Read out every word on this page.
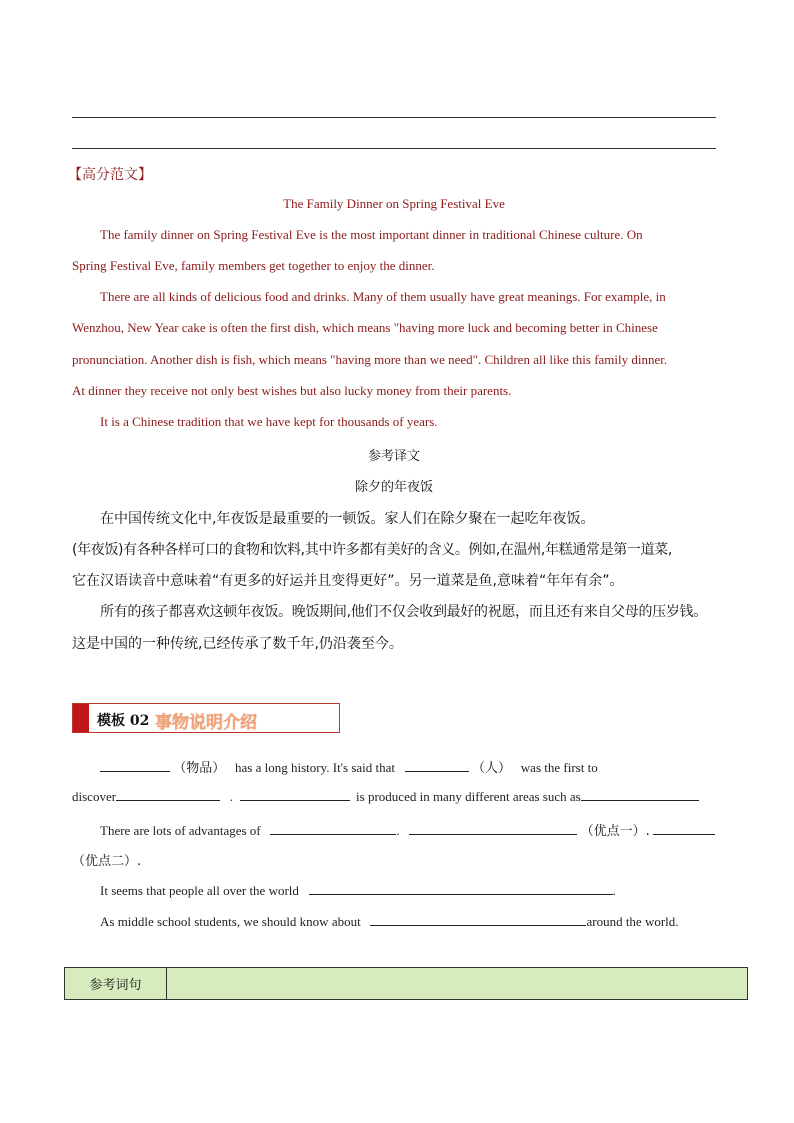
【高分范文】
The Family Dinner on Spring Festival Eve
The family dinner on Spring Festival Eve is the most important dinner in traditional Chinese culture. On
Spring Festival Eve, family members get together to enjoy the dinner.
There are all kinds of delicious food and drinks. Many of them usually have great meanings. For example, in
Wenzhou, New Year cake is often the first dish, which means "having more luck and becoming better in Chinese
pronunciation. Another dish is fish, which means "having more than we need". Children all like this family dinner.
At dinner they receive not only best wishes but also lucky money from their parents.
It is a Chinese tradition that we have kept for thousands of years.
参考译文
除夕的年夜饭
在中国传统文化中,年夜饭是最重要的一顿饭。家人们在除夕聚在一起吃年夜饭。
(年夜饭)有各种各样可口的食物和饮料,其中许多都有美好的含义。例如,在温州,年糕通常是第一道菜,
它在汉语读音中意味着“有更多的好运并且变得更好”。另一道菜是鱼,意味着“年年有余”。
所有的孩子都喜欢这顿年夜饭。晚饭期间,他们不仅会收到最好的祝愿，而且还有来自父母的压岁钱。
这是中国的一种传统,已经传承了数千年,仍沿袭至今。
模板 02 事物说明介绍
（物品） has a long history. It's said that	（人） was the first to
discover	.	is produced in many different areas such as
There are lots of advantages of	.	（优点一）.
（优点二）.
It seems that people all over the world	.
As middle school students, we should know about	around the world.
参考词句
